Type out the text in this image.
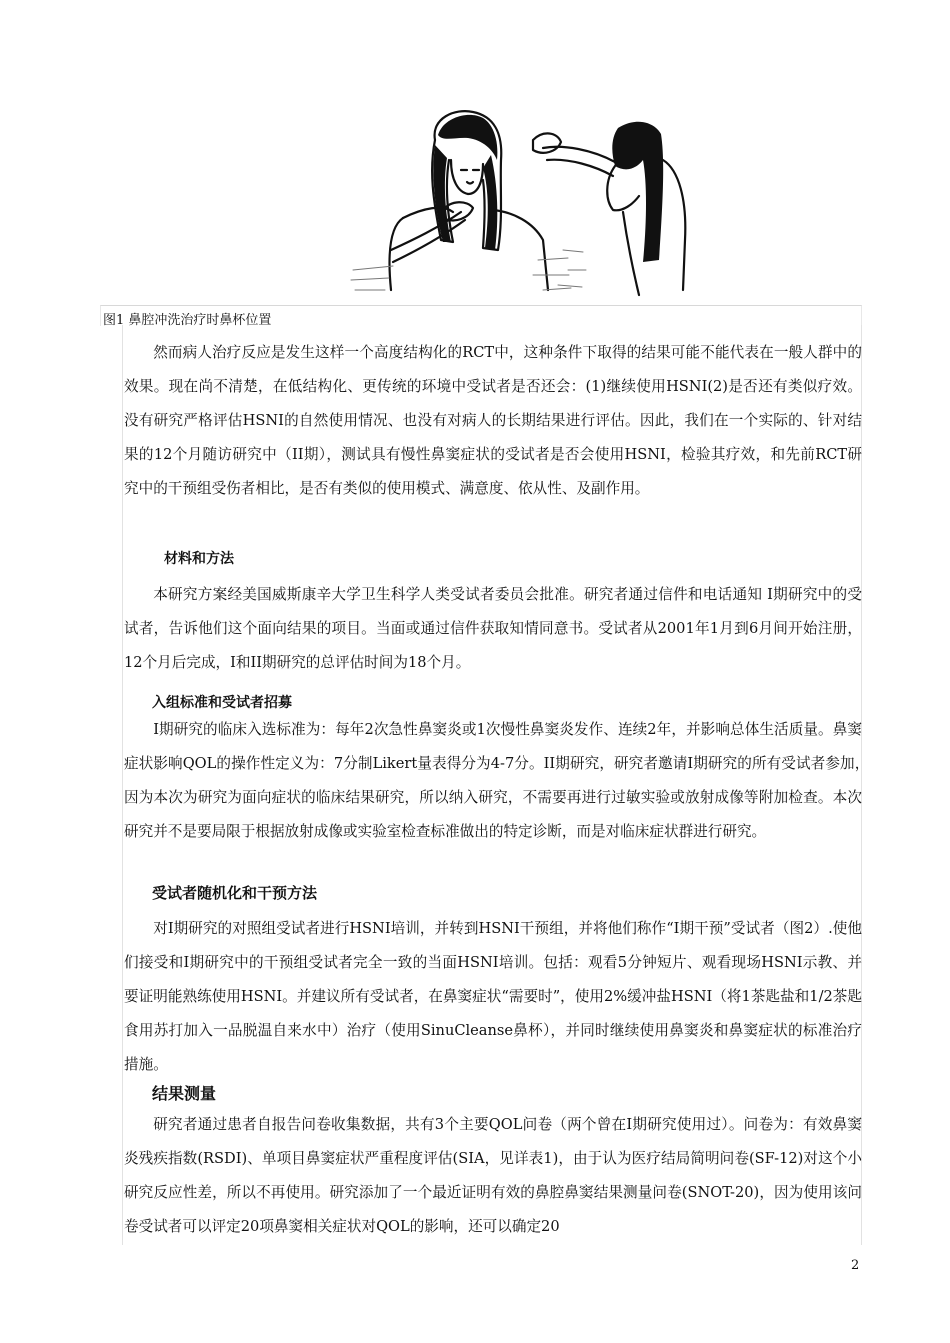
图1 鼻腔冲洗治疗时鼻杯位置

然而病人治疗反应是发生这样一个高度结构化的RCT中，这种条件下取得的结果可能不能代表在一般人群中的效果。现在尚不清楚，在低结构化、更传统的环境中受试者是否还会：(1)继续使用HSNI(2)是否还有类似疗效。没有研究严格评估HSNI的自然使用情况、也没有对病人的长期结果进行评估。因此，我们在一个实际的、针对结果的12个月随访研究中（II期），测试具有慢性鼻窦症状的受试者是否会使用HSNI，检验其疗效，和先前RCT研究中的干预组受伤者相比，是否有类似的使用模式、满意度、依从性、及副作用。

材料和方法

本研究方案经美国威斯康辛大学卫生科学人类受试者委员会批准。研究者通过信件和电话通知 I期研究中的受试者，告诉他们这个面向结果的项目。当面或通过信件获取知情同意书。受试者从2001年1月到6月间开始注册，12个月后完成，I和II期研究的总评估时间为18个月。

入组标准和受试者招募

I期研究的临床入选标准为：每年2次急性鼻窦炎或1次慢性鼻窦炎发作、连续2年，并影响总体生活质量。鼻窦症状影响QOL的操作性定义为：7分制Likert量表得分为4-7分。II期研究，研究者邀请I期研究的所有受试者参加，　因为本次为研究为面向症状的临床结果研究，所以纳入研究，不需要再进行过敏实验或放射成像等附加检查。本次研究并不是要局限于根据放射成像或实验室检查标准做出的特定诊断，而是对临床症状群进行研究。

受试者随机化和干预方法

对I期研究的对照组受试者进行HSNI培训，并转到HSNI干预组，并将他们称作“I期干预”受试者（图2）.使他们接受和I期研究中的干预组受试者完全一致的当面HSNI培训。包括：观看5分钟短片、观看现场HSNI示教、并要证明能熟练使用HSNI。并建议所有受试者，在鼻窦症状“需要时”，使用2%缓冲盐HSNI（将1茶匙盐和1/2茶匙食用苏打加入一品脱温自来水中）治疗（使用SinuCleanse鼻杯），并同时继续使用鼻窦炎和鼻窦症状的标准治疗措施。

结果测量

研究者通过患者自报告问卷收集数据，共有3个主要QOL问卷（两个曾在I期研究使用过）。问卷为：有效鼻窦炎残疾指数(RSDI)、单项目鼻窦症状严重程度评估(SIA，见详表1)，由于认为医疗结局简明问卷(SF-12)对这个小研究反应性差，所以不再使用。研究添加了一个最近证明有效的鼻腔鼻窦结果测量问卷(SNOT-20)，因为使用该问卷受试者可以评定20项鼻窦相关症状对QOL的影响，还可以确定20

2
